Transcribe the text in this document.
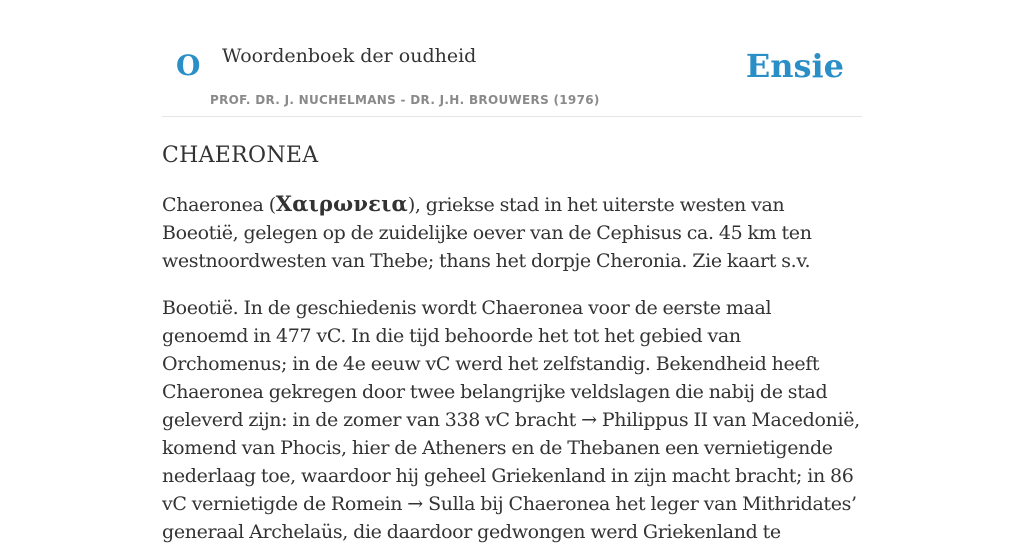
O Woordenboek der oudheid
PROF. DR. J. NUCHELMANS - DR. J.H. BROUWERS (1976)
Ensie
CHAERONEA

Chaeronea (Χαιρωνεια), griekse stad in het uiterste westen van Boeotië, gelegen op de zuidelijke oever van de Cephisus ca. 45 km ten westnoordwesten van Thebe; thans het dorpje Cheronia. Zie kaart s.v.

Boeotië. In de geschiedenis wordt Chaeronea voor de eerste maal genoemd in 477 vC. In die tijd behoorde het tot het gebied van Orchomenus; in de 4e eeuw vC werd het zelfstandig. Bekendheid heeft Chaeronea gekregen door twee belangrijke veldslagen die nabij de stad geleverd zijn: in de zomer van 338 vC bracht → Philippus II van Macedonië, komend van Phocis, hier de Atheners en de Thebanen een vernietigende nederlaag toe, waardoor hij geheel Griekenland in zijn macht bracht; in 86 vC vernietigde de Romein → Sulla bij Chaeronea het leger van Mithridates’ generaal Archelaüs, die daardoor gedwongen werd Griekenland te
